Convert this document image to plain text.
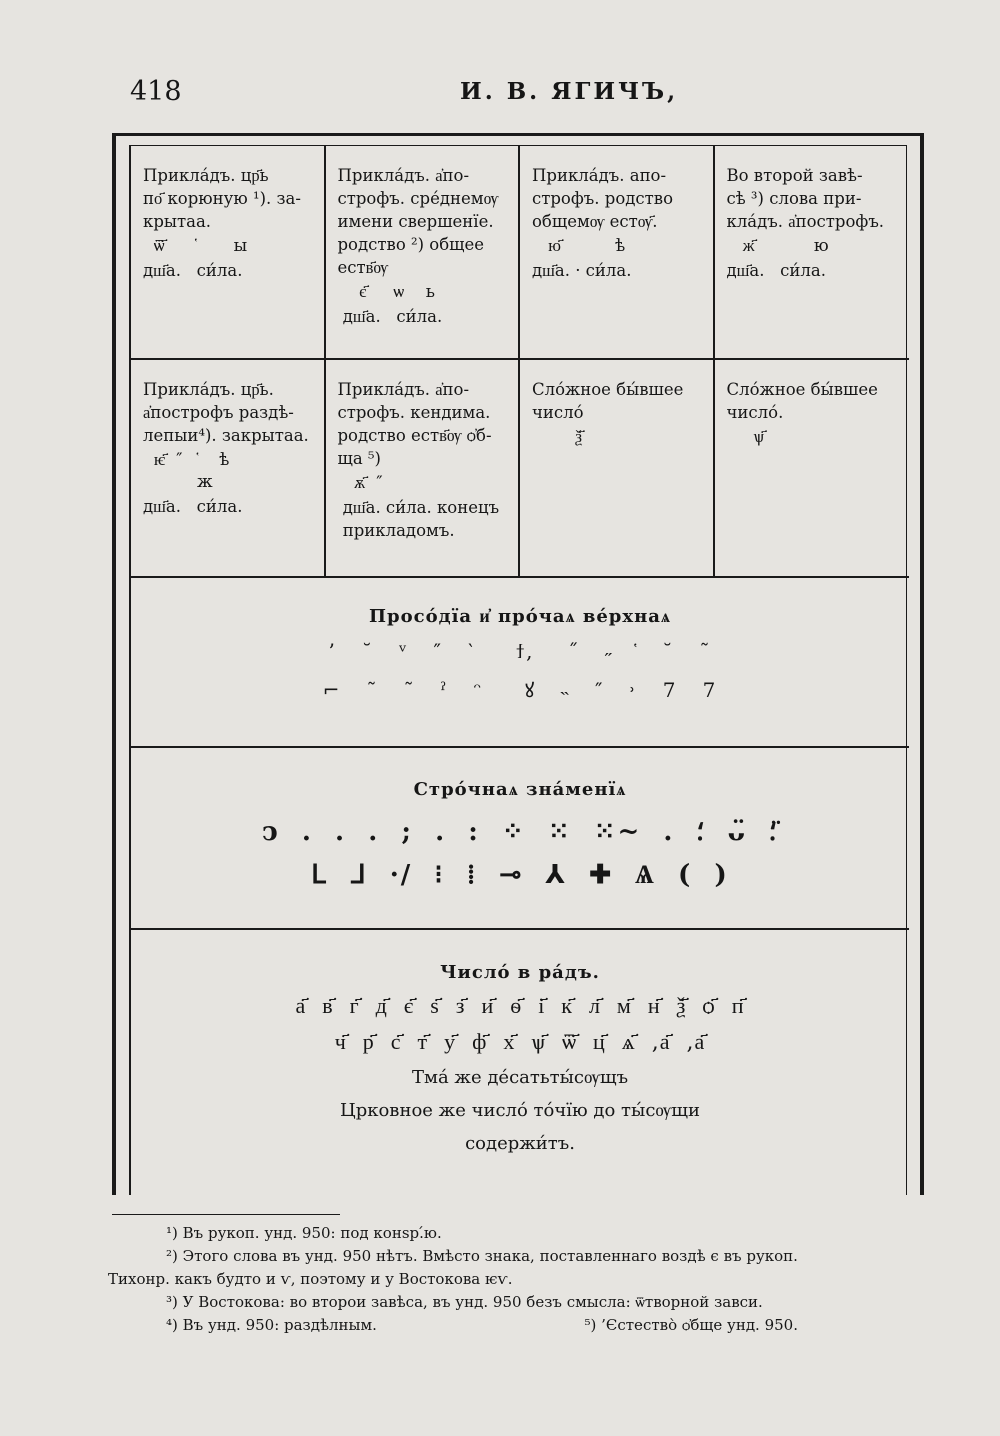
418	И. В. ЯГИЧЪ,
Прикла́дъ. цр҃ь
по҃ корюную ¹). за-
крытаа.
ѿ҃      ҅       ы
дш҃а.   си́ла.
Прикла́дъ. а҆по-
строфъ. сре́днемѹ
имени свершенїе.
родство ²) общее
еств҃ѹ
є҃     ѡ    ь
дш҃а.   си́ла.
Прикла́дъ. апо-
строфъ. родство
общемѹ естѹ҃.
ю҃          ѣ
дш҃а. · си́ла.
Во второй завѣ-
сѣ ³) слова при-
кла́дъ. а҆построфъ.
ж҃           ю
дш҃а.   си́ла.
Прикла́дъ. цр҃ь.
а҆построфъ раздѣ-
лепыи⁴). закрытаа.
ѥ҃  ″   ҅    ѣ
ж
дш҃а.   си́ла.
Прикла́дъ. а҆по-
строфъ. кендима.
родство еств҃ѹ ѻ҆б-
ща ⁵)
ѫ҃  ″
дш҃а. си́ла. конецъ
прикладомъ.
Сло́жное бы́вшее
число́
ѯ҃
Сло́жное бы́вшее
число́.
ѱ҃
Просо́дїа и҆ про́чаѧ ве́рхнаѧ
’   ˘   ᵛ   ″   ‵     ϯ,    ˝   ˶   ҅   ˘   ˜
⌐   ˜   ˜   ˀ   ᵔ     ꙋ   ˵   ″   ˒   7   7
Стро́чнаѧ зна́менїѧ
ↄ  .  .  .  ;  .  :  ⁘  ⁙  ⁙~  .  ⸵  ᴗ̈  ⸵̈
ᒪ  ᒧ  ·/  ⁝  ⁞  ⊸  ⅄  ✚  Ѧ  (  )
Число́ в ра́дъ.
а҃  в҃  г҃  д҃  є҃  ѕ҃  з҃  и҃  ѳ҃  і҃  к҃  л҃  м҃  н҃  ѯ҃  ѻ҃  п҃
ч҃  р҃  с҃  т҃  у҃  ф҃  х҃  ѱ҃  ѿ҃  ц҃  ѧ҃  ,а҃  ,а҃
Тма́ же де́сатьты́сѹщъ
Црковное же число́ то́чїю до ты́сѹщи
содержи́тъ.
¹) Въ рукоп. унд. 950: под конѕр.́ю.
²) Этого слова въ унд. 950 нѣтъ. Вмѣсто знака, поставленнаго воздѣ є въ рукоп.
Тихонр. какъ будто и ѵ, поэтому и у Востокова ѥѵ.
³) У Востокова: во второи завѣса, въ унд. 950 безъ смысла: ѿтворной завси.
⁴) Въ унд. 950: раздѣлным.	⁵) ’Єстество̀ ѻ҆бще унд. 950.
